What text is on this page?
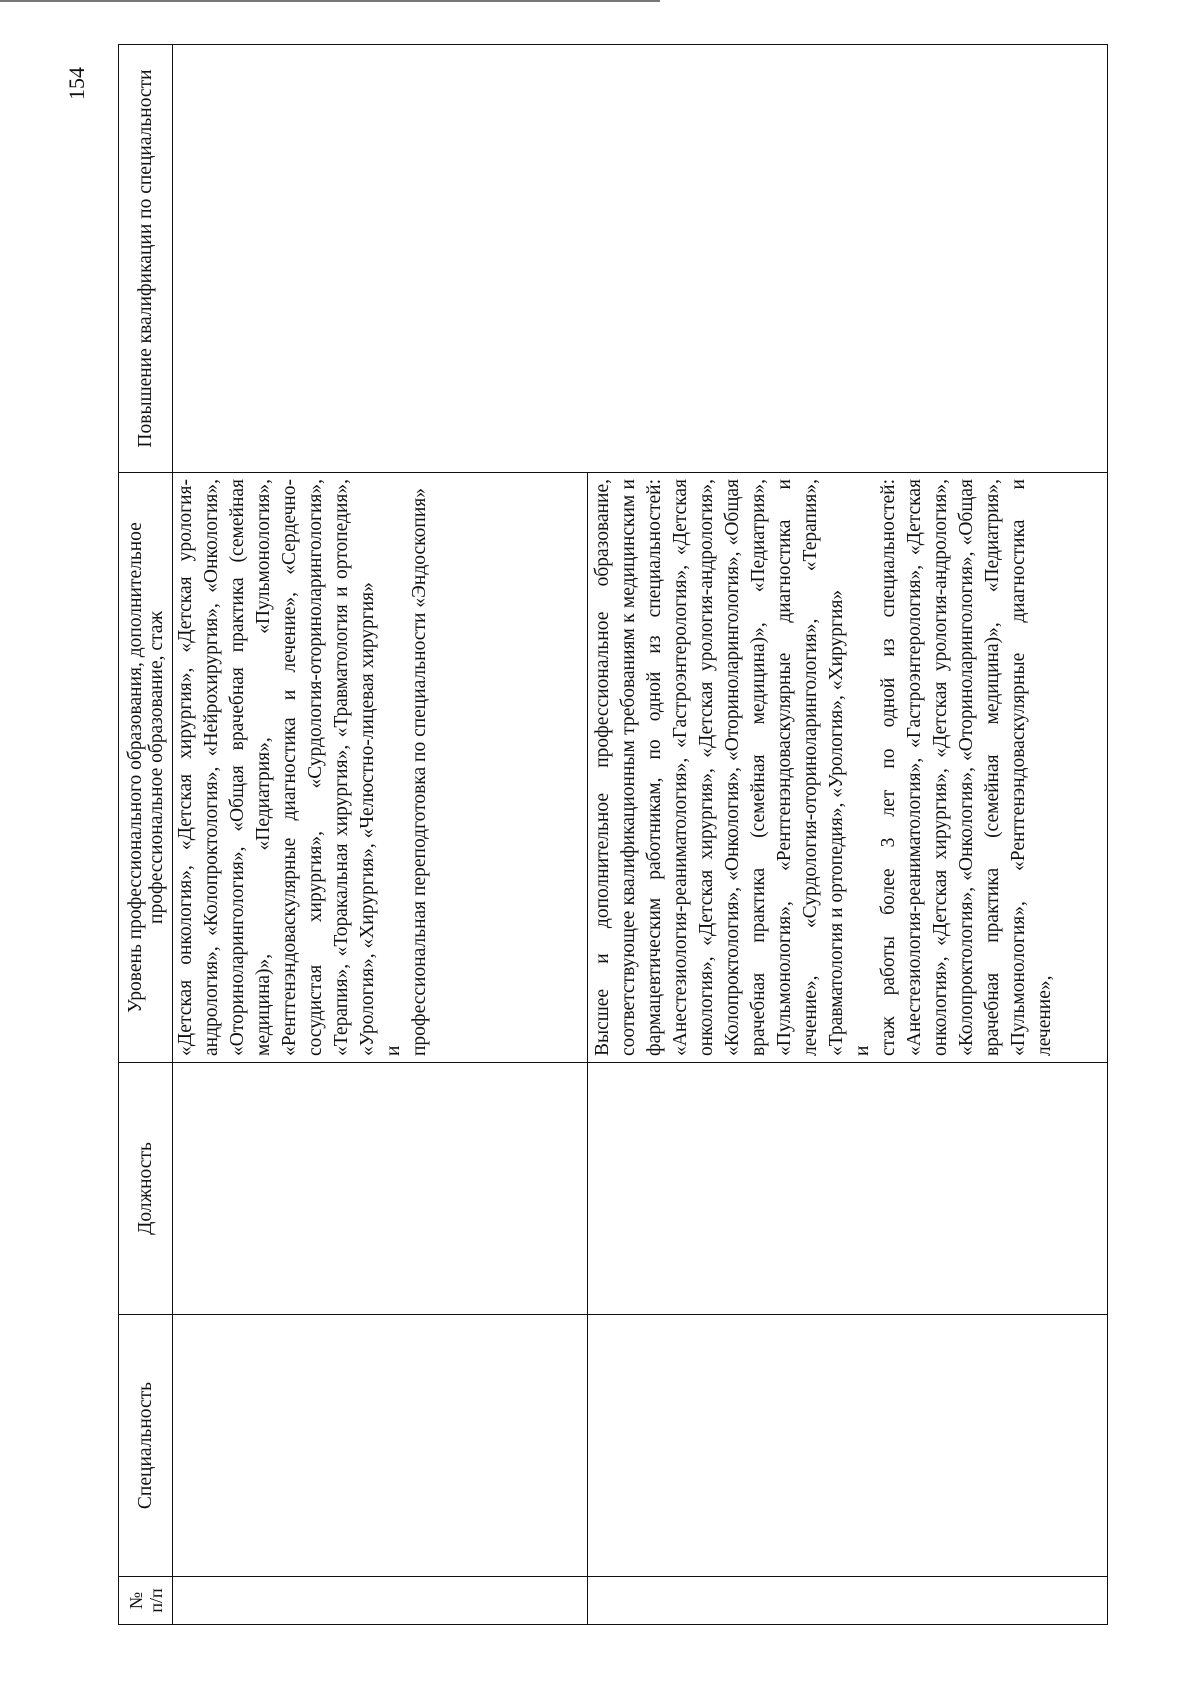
154
№
п/п	Специальность	Должность	Уровень профессионального образования, дополнительное профессиональное образование, стаж	Повышение квалификации по специальности

			«Детская онкология», «Детская хирургия», «Детская урология-андрология», «Колопроктология», «Нейрохирургия», «Онкология», «Оториноларингология», «Общая врачебная практика (семейная медицина)», «Педиатрия», «Пульмонология», «Рентгенэндоваскулярные диагностика и лечение», «Сердечно-сосудистая хирургия», «Сурдология-оториноларингология», «Терапия», «Торакальная хирургия», «Травматология и ортопедия», «Урология», «Хирургия», «Челюстно-лицевая хирургия» и профессиональная переподготовка по специальности «Эндоскопия»	

			Высшее и дополнительное профессиональное образование, соответствующее квалификационным требованиям к медицинским и фармацевтическим работникам, по одной из специальностей: «Анестезиология-реаниматология», «Гастроэнтерология», «Детская онкология», «Детская хирургия», «Детская урология-андрология», «Колопроктология», «Онкология», «Оториноларингология», «Общая врачебная практика (семейная медицина)», «Педиатрия», «Пульмонология», «Рентгенэндоваскулярные диагностика и лечение», «Сурдология-оториноларингология», «Терапия», «Травматология и ортопедия», «Урология», «Хирургия» и стаж работы более 3 лет по одной из специальностей: «Анестезиология-реаниматология», «Гастроэнтерология», «Детская онкология», «Детская хирургия», «Детская урология-андрология», «Колопроктология», «Онкология», «Оториноларингология», «Общая врачебная практика (семейная медицина)», «Педиатрия», «Пульмонология», «Рентгенэндоваскулярные диагностика и лечение»,	
